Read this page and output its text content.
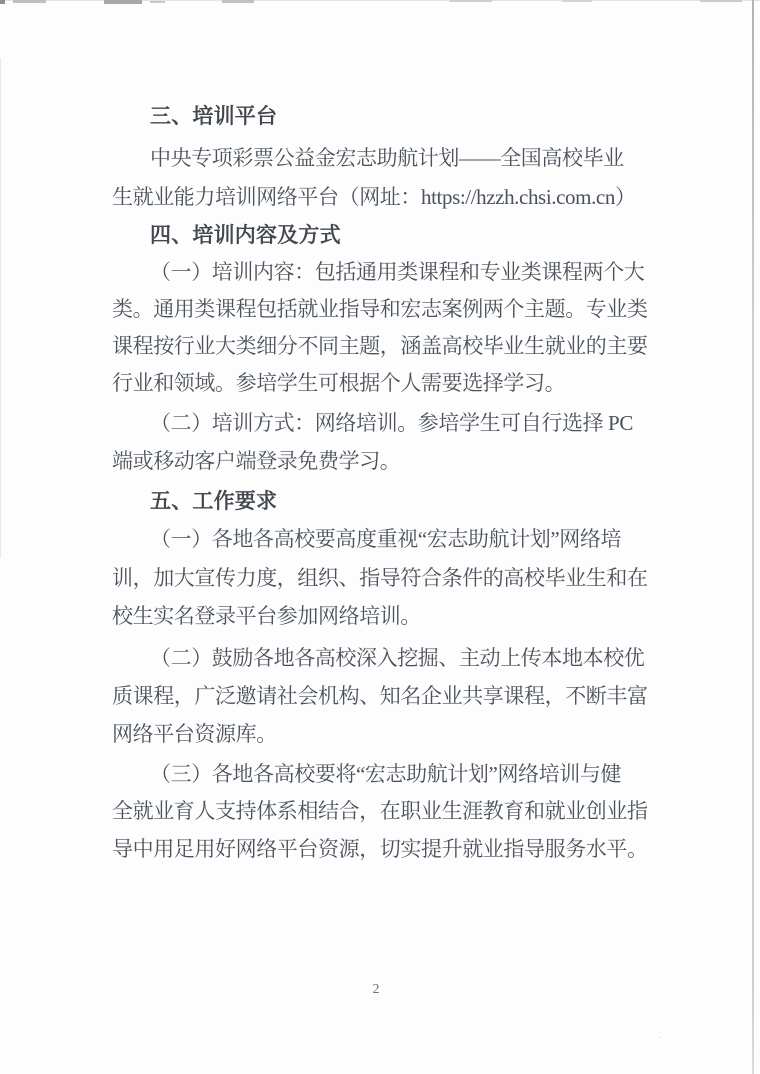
·
三、培训平台
中央专项彩票公益金宏志助航计划——全国高校毕业
生就业能力培训网络平台（网址：https://hzzh.chsi.com.cn）
四、培训内容及方式
（一）培训内容：包括通用类课程和专业类课程两个大
类。通用类课程包括就业指导和宏志案例两个主题。专业类
课程按行业大类细分不同主题，涵盖高校毕业生就业的主要
行业和领域。参培学生可根据个人需要选择学习。
（二）培训方式：网络培训。参培学生可自行选择 PC
端或移动客户端登录免费学习。
五、工作要求
（一）各地各高校要高度重视“宏志助航计划”网络培
训，加大宣传力度，组织、指导符合条件的高校毕业生和在
校生实名登录平台参加网络培训。
（二）鼓励各地各高校深入挖掘、主动上传本地本校优
质课程，广泛邀请社会机构、知名企业共享课程，不断丰富
网络平台资源库。
（三）各地各高校要将“宏志助航计划”网络培训与健
全就业育人支持体系相结合，在职业生涯教育和就业创业指
导中用足用好网络平台资源，切实提升就业指导服务水平。
2
